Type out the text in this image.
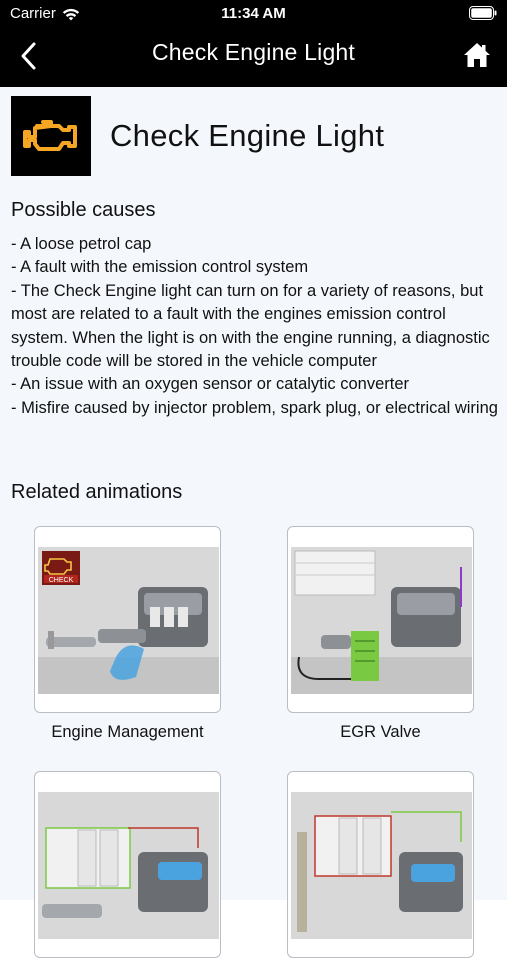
Carrier	11:34 AM
Check Engine Light
Check Engine Light
Possible causes
- A loose petrol cap
- A fault with the emission control system
- The Check Engine light can turn on for a variety of reasons, but most are related to a fault with the engines emission control system. When the light is on with the engine running, a diagnostic trouble code will be stored in the vehicle computer
- An issue with an oxygen sensor or catalytic converter
- Misfire caused by injector problem, spark plug, or electrical wiring
Related animations
CHECK
Engine Management	EGR Valve
